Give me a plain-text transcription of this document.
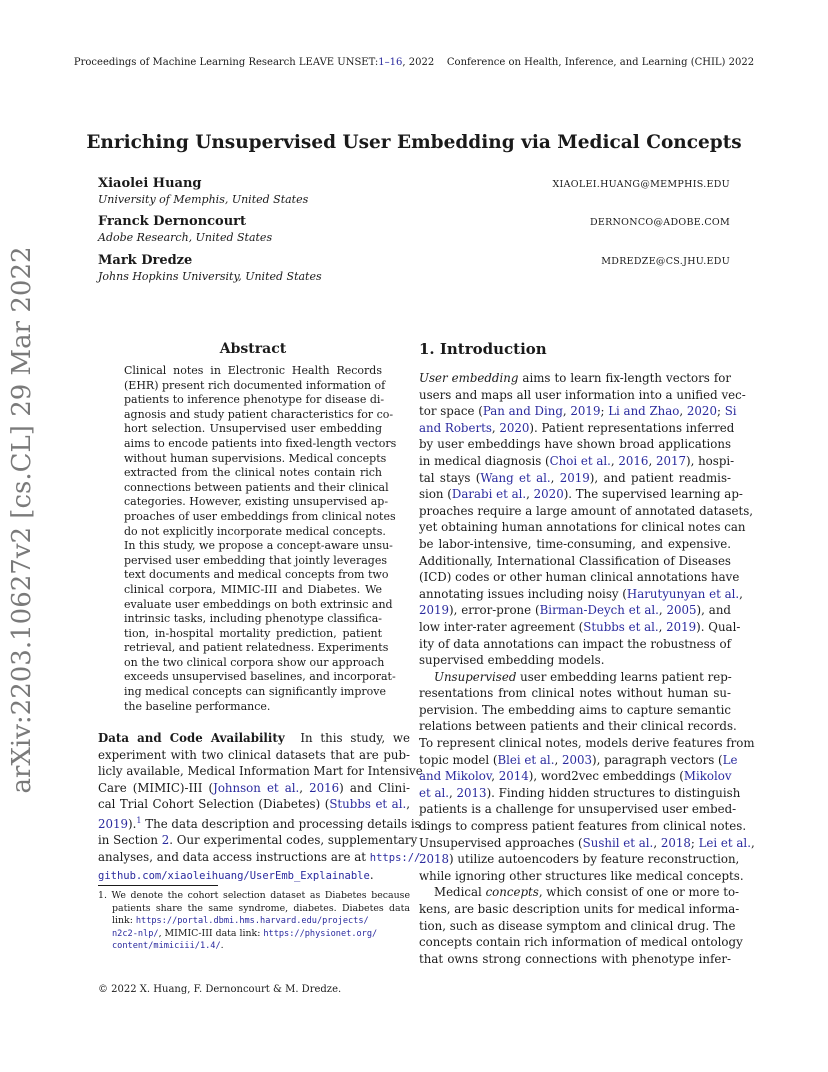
Proceedings of Machine Learning Research LEAVE UNSET:1–16, 2022 Conference on Health, Inference, and Learning (CHIL) 2022
arXiv:2203.10627v2 [cs.CL] 29 Mar 2022
Enriching Unsupervised User Embedding via Medical Concepts
Xiaolei Huang
University of Memphis, United States
XIAOLEI.HUANG@MEMPHIS.EDU
Franck Dernoncourt
Adobe Research, United States
DERNONCO@ADOBE.COM
Mark Dredze
Johns Hopkins University, United States
MDREDZE@CS.JHU.EDU
Abstract
Clinical notes in Electronic Health Records
(EHR) present rich documented information of
patients to inference phenotype for disease di-
agnosis and study patient characteristics for co-
hort selection. Unsupervised user embedding
aims to encode patients into fixed-length vectors
without human supervisions. Medical concepts
extracted from the clinical notes contain rich
connections between patients and their clinical
categories. However, existing unsupervised ap-
proaches of user embeddings from clinical notes
do not explicitly incorporate medical concepts.
In this study, we propose a concept-aware unsu-
pervised user embedding that jointly leverages
text documents and medical concepts from two
clinical corpora, MIMIC-III and Diabetes. We
evaluate user embeddings on both extrinsic and
intrinsic tasks, including phenotype classifica-
tion, in-hospital mortality prediction, patient
retrieval, and patient relatedness. Experiments
on the two clinical corpora show our approach
exceeds unsupervised baselines, and incorporat-
ing medical concepts can significantly improve
the baseline performance.
Data and Code Availability In this study, we
experiment with two clinical datasets that are pub-
licly available, Medical Information Mart for Intensive
Care (MIMIC)-III (Johnson et al., 2016) and Clini-
cal Trial Cohort Selection (Diabetes) (Stubbs et al.,
2019).$^1$ The data description and processing details is
in Section 2. Our experimental codes, supplementary
analyses, and data access instructions are at https://
github.com/xiaoleihuang/UserEmb_Explainable.
1. We denote the cohort selection dataset as Diabetes because
patients share the same syndrome, diabetes. Diabetes data
link: https://portal.dbmi.hms.harvard.edu/projects/
n2c2-nlp/, MIMIC-III data link: https://physionet.org/
content/mimiciii/1.4/.
© 2022 X. Huang, F. Dernoncourt & M. Dredze.
1. Introduction
User embedding aims to learn fix-length vectors for
users and maps all user information into a unified vec-
tor space (Pan and Ding, 2019; Li and Zhao, 2020; Si
and Roberts, 2020). Patient representations inferred
by user embeddings have shown broad applications
in medical diagnosis (Choi et al., 2016, 2017), hospi-
tal stays (Wang et al., 2019), and patient readmis-
sion (Darabi et al., 2020). The supervised learning ap-
proaches require a large amount of annotated datasets,
yet obtaining human annotations for clinical notes can
be labor-intensive, time-consuming, and expensive.
Additionally, International Classification of Diseases
(ICD) codes or other human clinical annotations have
annotating issues including noisy (Harutyunyan et al.,
2019), error-prone (Birman-Deych et al., 2005), and
low inter-rater agreement (Stubbs et al., 2019). Qual-
ity of data annotations can impact the robustness of
supervised embedding models.
Unsupervised user embedding learns patient rep-
resentations from clinical notes without human su-
pervision. The embedding aims to capture semantic
relations between patients and their clinical records.
To represent clinical notes, models derive features from
topic model (Blei et al., 2003), paragraph vectors (Le
and Mikolov, 2014), word2vec embeddings (Mikolov
et al., 2013). Finding hidden structures to distinguish
patients is a challenge for unsupervised user embed-
dings to compress patient features from clinical notes.
Unsupervised approaches (Sushil et al., 2018; Lei et al.,
2018) utilize autoencoders by feature reconstruction,
while ignoring other structures like medical concepts.
Medical concepts, which consist of one or more to-
kens, are basic description units for medical informa-
tion, such as disease symptom and clinical drug. The
concepts contain rich information of medical ontology
that owns strong connections with phenotype infer-
